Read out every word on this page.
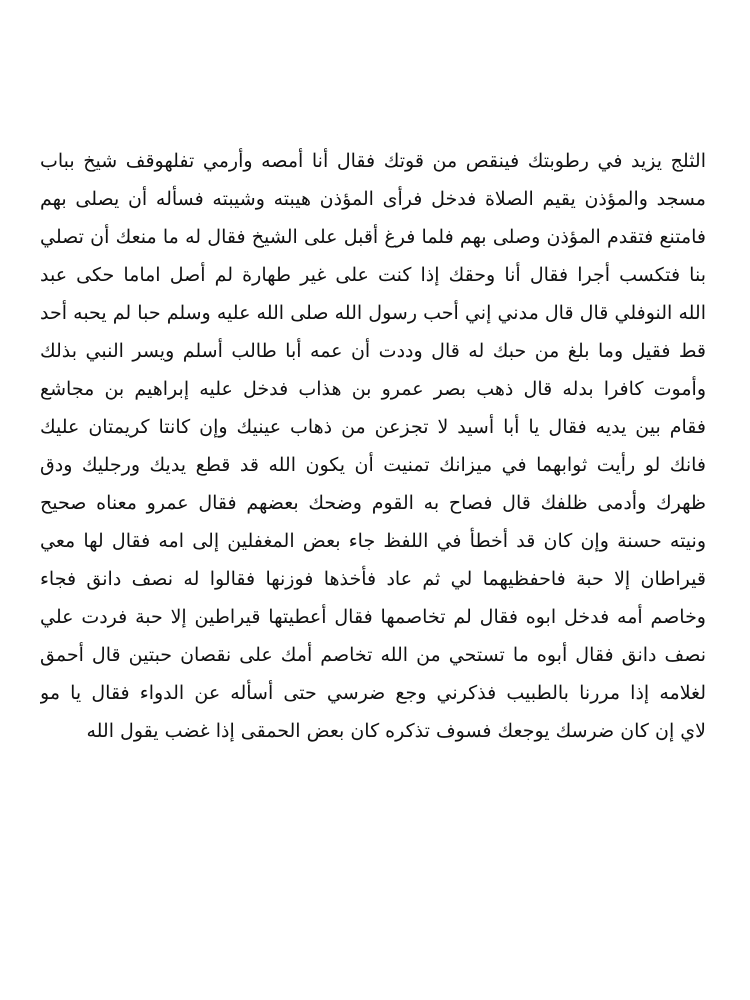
الثلج يزيد في رطوبتك فينقص من قوتك فقال أنا أمصه وأرمي تفلهوقف شيخ بباب
مسجد والمؤذن يقيم الصلاة فدخل فرأى المؤذن هيبته وشيبته فسأله أن يصلى بهم
فامتنع فتقدم المؤذن وصلى بهم فلما فرغ أقبل على الشيخ فقال له ما منعك أن تصلي
بنا فتكسب أجرا فقال أنا وحقك إذا كنت على غير طهارة لم أصل اماما حكى عبد
الله النوفلي قال قال مدني إني أحب رسول الله صلى الله عليه وسلم حبا لم يحبه أحد
قط فقيل وما بلغ من حبك له قال وددت أن عمه أبا طالب أسلم ويسر النبي بذلك
وأموت كافرا بدله قال ذهب بصر عمرو بن هذاب فدخل عليه إبراهيم بن مجاشع
فقام بين يديه فقال يا أبا أسيد لا تجزعن من ذهاب عينيك وإن كانتا كريمتان عليك
فانك لو رأيت ثوابهما في ميزانك تمنيت أن يكون الله قد قطع يديك ورجليك ودق
ظهرك وأدمى ظلفك قال فصاح به القوم وضحك بعضهم فقال عمرو معناه صحيح
ونيته حسنة وإن كان قد أخطأ في اللفظ جاء بعض المغفلين إلى امه فقال لها معي
قيراطان إلا حبة فاحفظيهما لي ثم عاد فأخذها فوزنها فقالوا له نصف دانق فجاء
وخاصم أمه فدخل ابوه فقال لم تخاصمها فقال أعطيتها قيراطين إلا حبة فردت علي
نصف دانق فقال أبوه ما تستحي من الله تخاصم أمك على نقصان حبتين قال أحمق
لغلامه إذا مررنا بالطبيب فذكرني وجع ضرسي حتى أسأله عن الدواء فقال يا مو
لاي إن كان ضرسك يوجعك فسوف تذكره كان بعض الحمقى إذا غضب يقول الله
